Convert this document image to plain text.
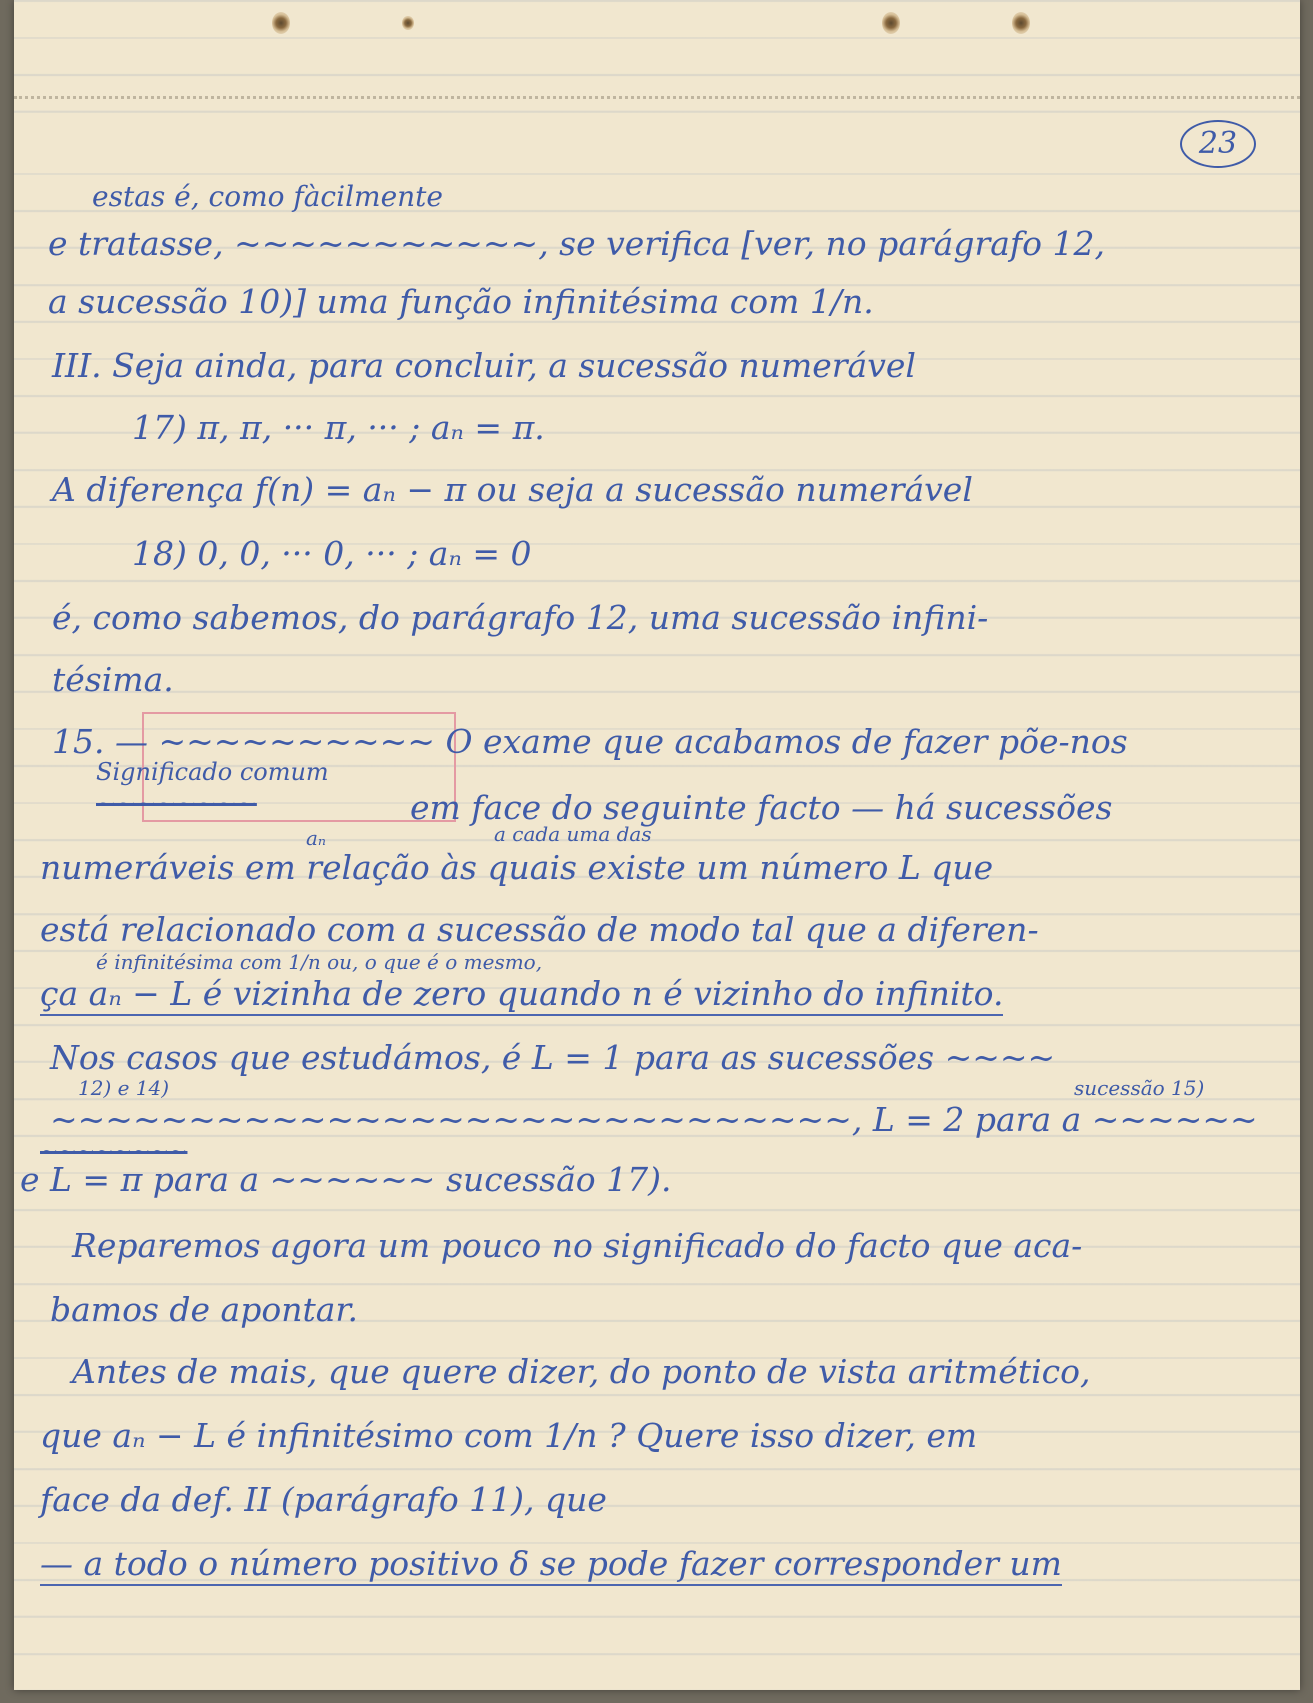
23
estas é, como fàcilmente
e tratasse, ~~~~~~~~~~~, se verifica [ver, no parágrafo 12,
a sucessão 10)] uma função infinitésima com 1/n.
III. Seja ainda, para concluir, a sucessão numerável
17) π, π, ··· π, ··· ; aₙ = π.
A diferença f(n) = aₙ − π ou seja a sucessão numerável
18) 0, 0, ··· 0, ··· ; aₙ = 0
é, como sabemos, do parágrafo 12, uma sucessão infini-
tésima.
15. — ~~~~~~~~~~ O exame que acabamos de fazer põe-nos
Significado comum
~~~~~~~~	em face do seguinte facto — há sucessões
aₙ	a cada uma das
numeráveis em relação às quais existe um número L que
está relacionado com a sucessão de modo tal que a diferen-
é infinitésima com 1/n ou, o que é o mesmo,
ça aₙ − L é vizinha de zero quando n é vizinho do infinito.
Nos casos que estudámos, é L = 1 para as sucessões ~~~~
12) e 14)	sucessão 15)
~~~~~~~~~~~~~~~~~~~~~~~~~~~~~, L = 2 para a ~~~~~~
~~~~~~~~
e L = π para a ~~~~~~ sucessão 17).
Reparemos agora um pouco no significado do facto que aca-
bamos de apontar.
Antes de mais, que quere dizer, do ponto de vista aritmético,
que aₙ − L é infinitésimo com 1/n ? Quere isso dizer, em
face da def. II (parágrafo 11), que
— a todo o número positivo δ se pode fazer corresponder um
